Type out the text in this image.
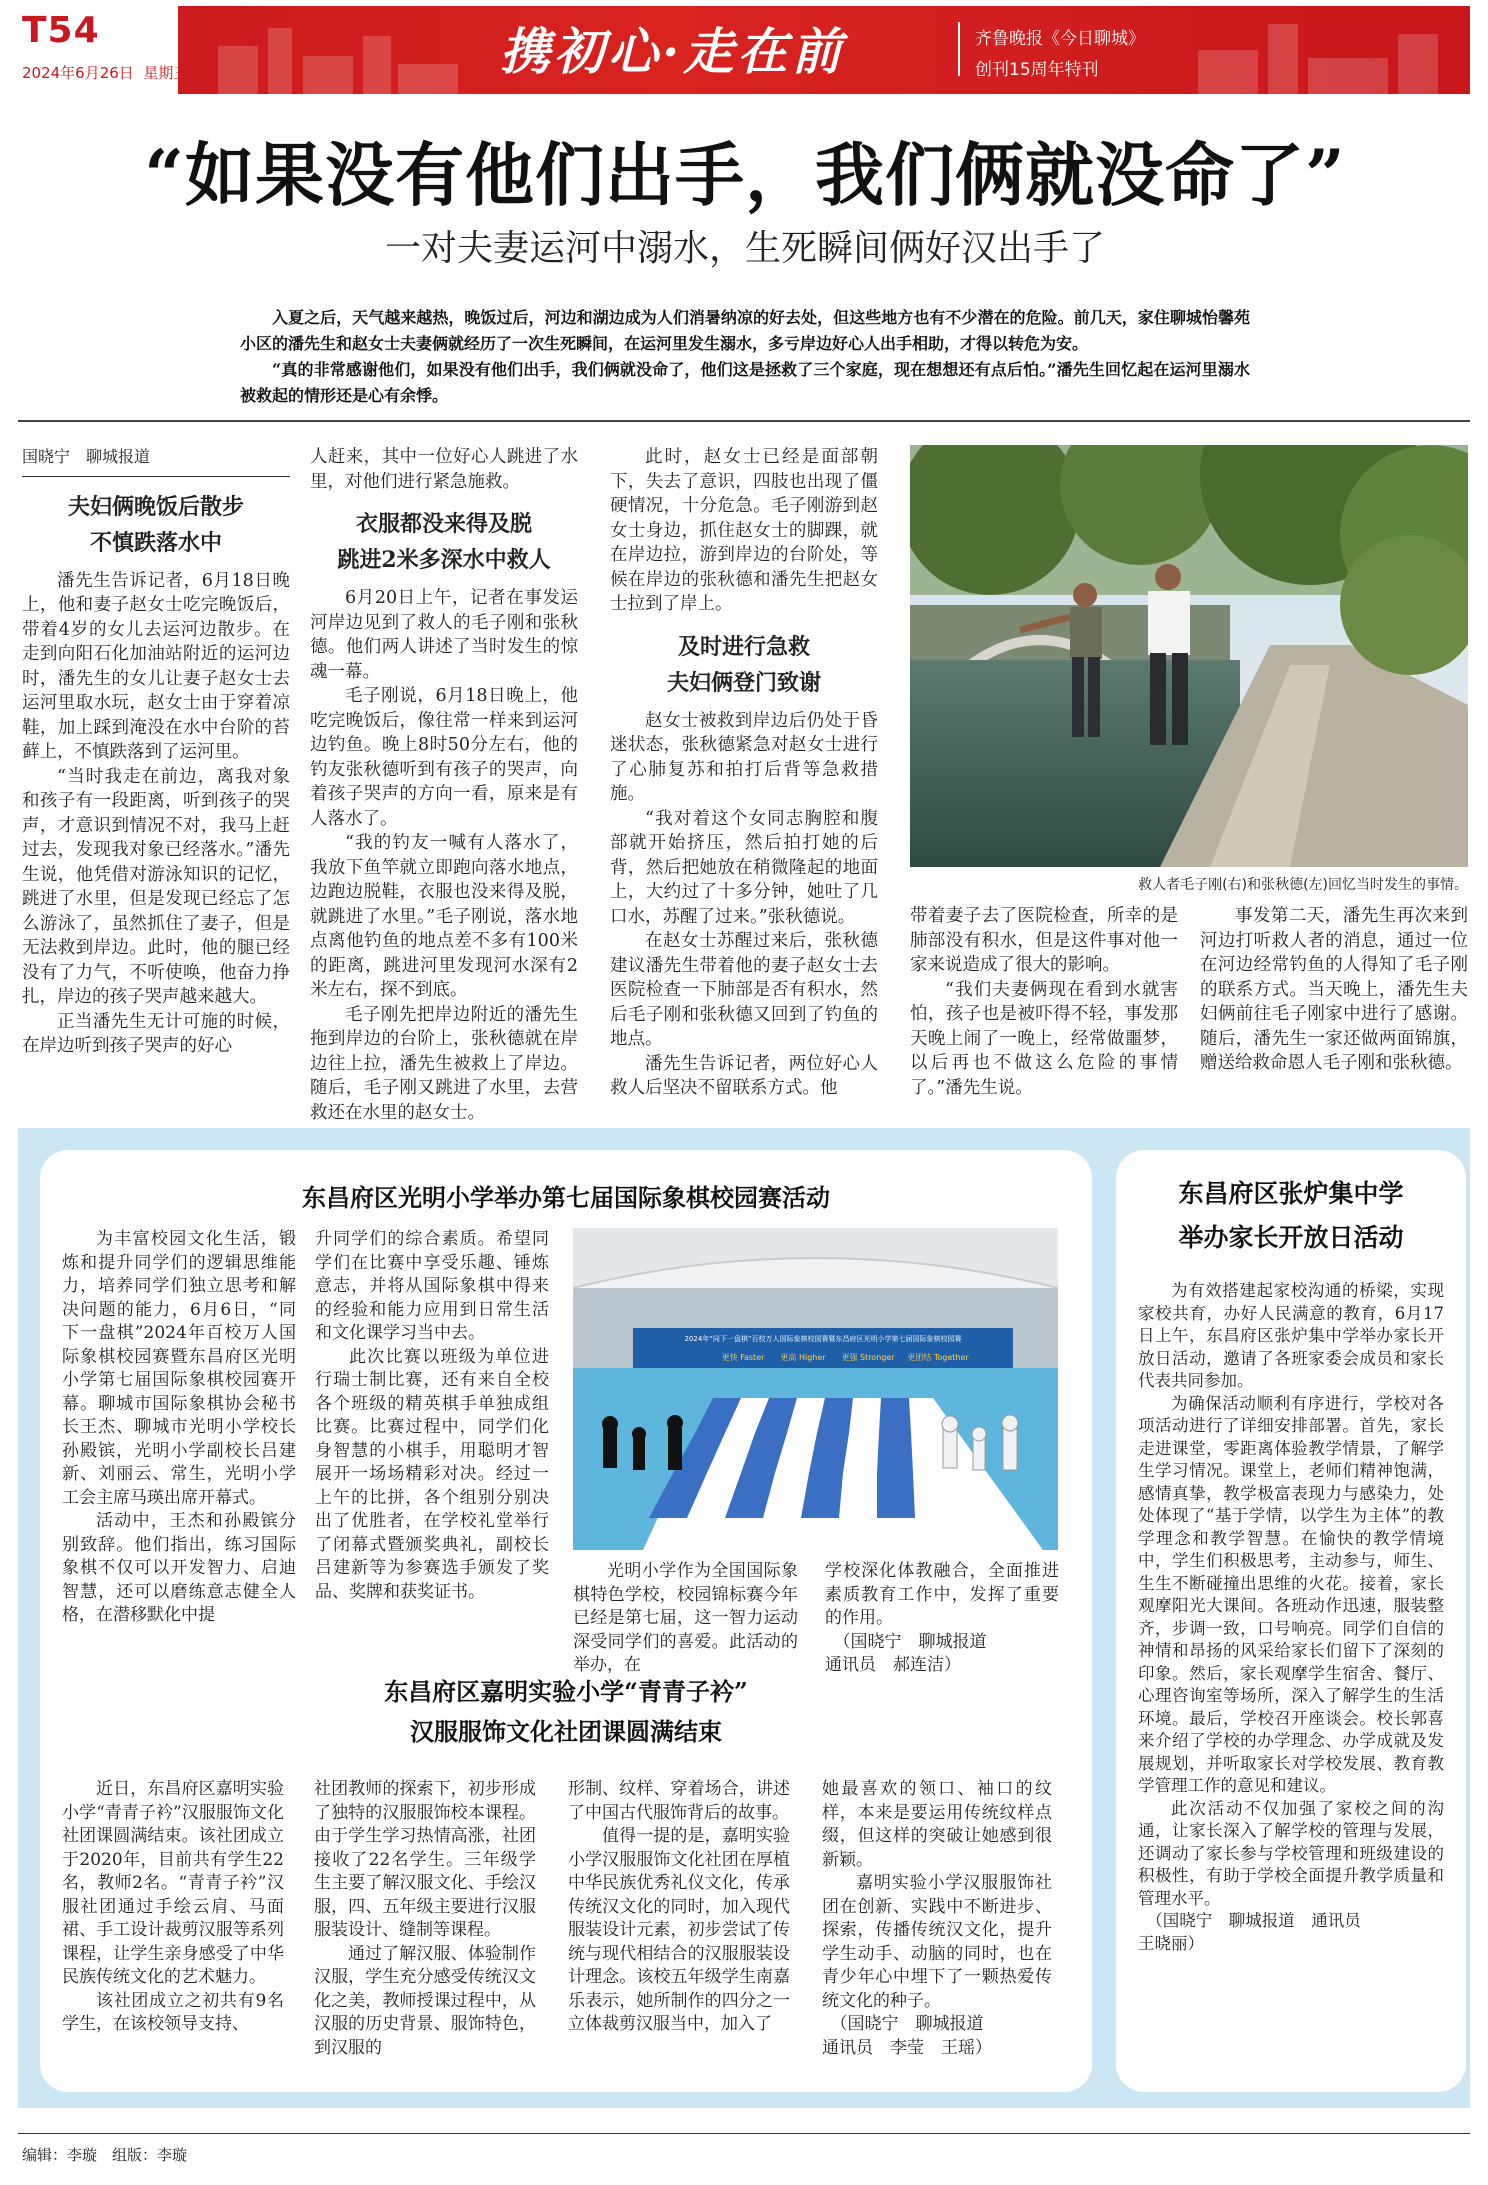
T54
2024年6月26日 星期三	携初心·走在前	齐鲁晚报《今日聊城》
创刊15周年特刊
“如果没有他们出手，我们俩就没命了”
一对夫妻运河中溺水，生死瞬间俩好汉出手了

入夏之后，天气越来越热，晚饭过后，河边和湖边成为人们消暑纳凉的好去处，但这些地方也有不少潜在的危险。前几天，家住聊城怡馨苑小区的潘先生和赵女士夫妻俩就经历了一次生死瞬间，在运河里发生溺水，多亏岸边好心人出手相助，才得以转危为安。

“真的非常感谢他们，如果没有他们出手，我们俩就没命了，他们这是拯救了三个家庭，现在想想还有点后怕。”潘先生回忆起在运河里溺水被救起的情形还是心有余悸。

国晓宁　聊城报道
夫妇俩晚饭后散步
不慎跌落水中

潘先生告诉记者，6月18日晚上，他和妻子赵女士吃完晚饭后，带着4岁的女儿去运河边散步。在走到向阳石化加油站附近的运河边时，潘先生的女儿让妻子赵女士去运河里取水玩，赵女士由于穿着凉鞋，加上踩到淹没在水中台阶的苔藓上，不慎跌落到了运河里。

“当时我走在前边，离我对象和孩子有一段距离，听到孩子的哭声，才意识到情况不对，我马上赶过去，发现我对象已经落水。”潘先生说，他凭借对游泳知识的记忆，跳进了水里，但是发现已经忘了怎么游泳了，虽然抓住了妻子，但是无法救到岸边。此时，他的腿已经没有了力气，不听使唤，他奋力挣扎，岸边的孩子哭声越来越大。

正当潘先生无计可施的时候，在岸边听到孩子哭声的好心

人赶来，其中一位好心人跳进了水里，对他们进行紧急施救。
衣服都没来得及脱
跳进2米多深水中救人

6月20日上午，记者在事发运河岸边见到了救人的毛子刚和张秋德。他们两人讲述了当时发生的惊魂一幕。

毛子刚说，6月18日晚上，他吃完晚饭后，像往常一样来到运河边钓鱼。晚上8时50分左右，他的钓友张秋德听到有孩子的哭声，向着孩子哭声的方向一看，原来是有人落水了。

“我的钓友一喊有人落水了，我放下鱼竿就立即跑向落水地点，边跑边脱鞋，衣服也没来得及脱，就跳进了水里。”毛子刚说，落水地点离他钓鱼的地点差不多有100米的距离，跳进河里发现河水深有2米左右，探不到底。

毛子刚先把岸边附近的潘先生拖到岸边的台阶上，张秋德就在岸边往上拉，潘先生被救上了岸边。随后，毛子刚又跳进了水里，去营救还在水里的赵女士。

此时，赵女士已经是面部朝下，失去了意识，四肢也出现了僵硬情况，十分危急。毛子刚游到赵女士身边，抓住赵女士的脚踝，就在岸边拉，游到岸边的台阶处，等候在岸边的张秋德和潘先生把赵女士拉到了岸上。

及时进行急救
夫妇俩登门致谢

赵女士被救到岸边后仍处于昏迷状态，张秋德紧急对赵女士进行了心肺复苏和拍打后背等急救措施。

“我对着这个女同志胸腔和腹部就开始挤压，然后拍打她的后背，然后把她放在稍微隆起的地面上，大约过了十多分钟，她吐了几口水，苏醒了过来。”张秋德说。

在赵女士苏醒过来后，张秋德建议潘先生带着他的妻子赵女士去医院检查一下肺部是否有积水，然后毛子刚和张秋德又回到了钓鱼的地点。

潘先生告诉记者，两位好心人救人后坚决不留联系方式。他

救人者毛子刚(右)和张秋德(左)回忆当时发生的事情。

带着妻子去了医院检查，所幸的是肺部没有积水，但是这件事对他一家来说造成了很大的影响。

“我们夫妻俩现在看到水就害怕，孩子也是被吓得不轻，事发那天晚上闹了一晚上，经常做噩梦，以后再也不做这么危险的事情了。”潘先生说。

事发第二天，潘先生再次来到河边打听救人者的消息，通过一位在河边经常钓鱼的人得知了毛子刚的联系方式。当天晚上，潘先生夫妇俩前往毛子刚家中进行了感谢。随后，潘先生一家还做两面锦旗，赠送给救命恩人毛子刚和张秋德。

东昌府区光明小学举办第七届国际象棋校园赛活动

为丰富校园文化生活，锻炼和提升同学们的逻辑思维能力，培养同学们独立思考和解决问题的能力，6月6日，“同下一盘棋”2024年百校万人国际象棋校园赛暨东昌府区光明小学第七届国际象棋校园赛开幕。聊城市国际象棋协会秘书长王杰、聊城市光明小学校长孙殿镔，光明小学副校长吕建新、刘丽云、常生，光明小学工会主席马瑛出席开幕式。

活动中，王杰和孙殿镔分别致辞。他们指出，练习国际象棋不仅可以开发智力、启迪智慧，还可以磨练意志健全人格，在潜移默化中提

升同学们的综合素质。希望同学们在比赛中享受乐趣、锤炼意志，并将从国际象棋中得来的经验和能力应用到日常生活和文化课学习当中去。

此次比赛以班级为单位进行瑞士制比赛，还有来自全校各个班级的精英棋手单独成组比赛。比赛过程中，同学们化身智慧的小棋手，用聪明才智展开一场场精彩对决。经过一上午的比拼，各个组别分别决出了优胜者，在学校礼堂举行了闭幕式暨颁奖典礼，副校长吕建新等为参赛选手颁发了奖品、奖牌和获奖证书。

2024年“同下一盘棋”百校万人国际象棋校园赛暨东昌府区光明小学第七届国际象棋校园赛
更快 Faster 更高 Higher 更强 Stronger 更团结 Together

光明小学作为全国国际象棋特色学校，校园锦标赛今年已经是第七届，这一智力运动深受同学们的喜爱。此活动的举办，在

学校深化体教融合，全面推进素质教育工作中，发挥了重要的作用。

（国晓宁　聊城报道
通讯员　郝连洁）
东昌府区嘉明实验小学“青青子衿”
汉服服饰文化社团课圆满结束

近日，东昌府区嘉明实验小学“青青子衿”汉服服饰文化社团课圆满结束。该社团成立于2020年，目前共有学生22名，教师2名。“青青子衿”汉服社团通过手绘云肩、马面裙、手工设计裁剪汉服等系列课程，让学生亲身感受了中华民族传统文化的艺术魅力。

该社团成立之初共有9名学生，在该校领导支持、

社团教师的探索下，初步形成了独特的汉服服饰校本课程。由于学生学习热情高涨，社团接收了22名学生。三年级学生主要了解汉服文化、手绘汉服，四、五年级主要进行汉服服装设计、缝制等课程。

通过了解汉服、体验制作汉服，学生充分感受传统汉文化之美，教师授课过程中，从汉服的历史背景、服饰特色，到汉服的

形制、纹样、穿着场合，讲述了中国古代服饰背后的故事。

值得一提的是，嘉明实验小学汉服服饰文化社团在厚植中华民族优秀礼仪文化，传承传统汉文化的同时，加入现代服装设计元素，初步尝试了传统与现代相结合的汉服服装设计理念。该校五年级学生南嘉乐表示，她所制作的四分之一立体裁剪汉服当中，加入了

她最喜欢的领口、袖口的纹样，本来是要运用传统纹样点缀，但这样的突破让她感到很新颖。

嘉明实验小学汉服服饰社团在创新、实践中不断进步、探索，传播传统汉文化，提升学生动手、动脑的同时，也在青少年心中埋下了一颗热爱传统文化的种子。

（国晓宁　聊城报道
通讯员　李莹　王瑶）
东昌府区张炉集中学
举办家长开放日活动

为有效搭建起家校沟通的桥梁，实现家校共育，办好人民满意的教育，6月17日上午，东昌府区张炉集中学举办家长开放日活动，邀请了各班家委会成员和家长代表共同参加。

为确保活动顺利有序进行，学校对各项活动进行了详细安排部署。首先，家长走进课堂，零距离体验教学情景，了解学生学习情况。课堂上，老师们精神饱满，感情真挚，教学极富表现力与感染力，处处体现了“基于学情，以学生为主体”的教学理念和教学智慧。在愉快的教学情境中，学生们积极思考，主动参与，师生、生生不断碰撞出思维的火花。接着，家长观摩阳光大课间。各班动作迅速，服装整齐，步调一致，口号响亮。同学们自信的神情和昂扬的风采给家长们留下了深刻的印象。然后，家长观摩学生宿舍、餐厅、心理咨询室等场所，深入了解学生的生活环境。最后，学校召开座谈会。校长郭喜来介绍了学校的办学理念、办学成就及发展规划，并听取家长对学校发展、教育教学管理工作的意见和建议。

此次活动不仅加强了家校之间的沟通，让家长深入了解学校的管理与发展，还调动了家长参与学校管理和班级建设的积极性，有助于学校全面提升教学质量和管理水平。

（国晓宁　聊城报道　通讯员
王晓丽）
编辑：李璇　组版：李璇
